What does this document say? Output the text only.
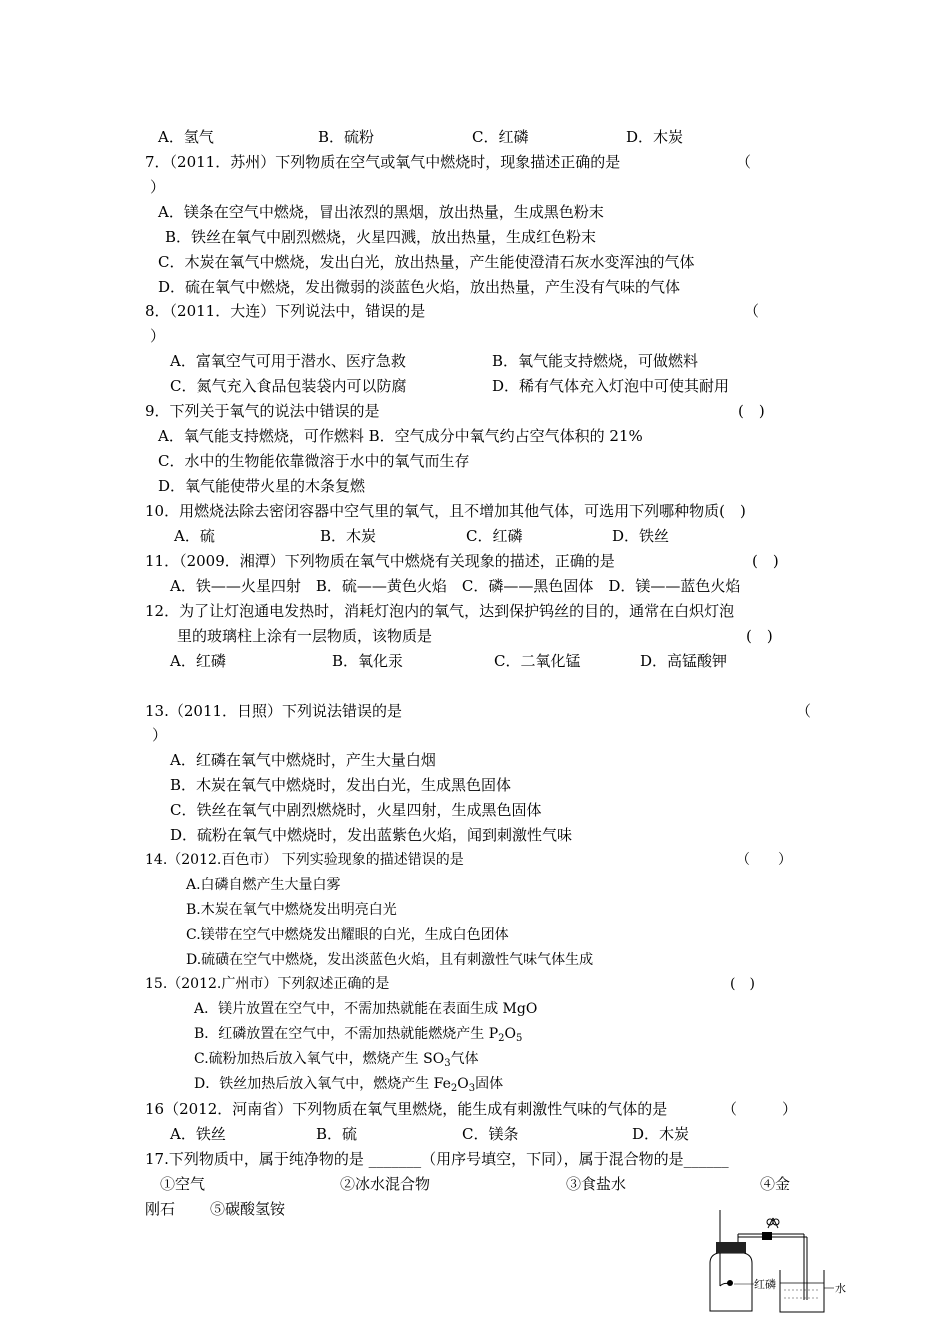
A．氢气	B．硫粉	C．红磷	D．木炭
7．（2011．苏州）下列物质在空气或氧气中燃烧时，现象描述正确的是	（
）
A．镁条在空气中燃烧，冒出浓烈的黑烟，放出热量，生成黑色粉末
B．铁丝在氧气中剧烈燃烧，火星四溅，放出热量，生成红色粉末
C．木炭在氧气中燃烧，发出白光，放出热量，产生能使澄清石灰水变浑浊的气体
D．硫在氧气中燃烧，发出微弱的淡蓝色火焰，放出热量，产生没有气味的气体
8．（2011．大连）下列说法中，错误的是	（
）
A．富氧空气可用于潜水、医疗急救	B．氧气能支持燃烧，可做燃料
C．氮气充入食品包装袋内可以防腐	D．稀有气体充入灯泡中可使其耐用
9．下列关于氧气的说法中错误的是	(　)
A．氧气能支持燃烧，可作燃料 B．空气成分中氧气约占空气体积的 21%
C．水中的生物能依靠微溶于水中的氧气而生存
D．氧气能使带火星的木条复燃
10．用燃烧法除去密闭容器中空气里的氧气，且不增加其他气体，可选用下列哪种物质(　)
A．硫	B．木炭	C．红磷	D．铁丝
11．（2009．湘潭）下列物质在氧气中燃烧有关现象的描述，正确的是	(　)
A．铁——火星四射　B．硫——黄色火焰　C．磷——黑色固体　D．镁——蓝色火焰
12．为了让灯泡通电发热时，消耗灯泡内的氧气，达到保护钨丝的目的，通常在白炽灯泡
里的玻璃柱上涂有一层物质，该物质是	(　)
A．红磷	B．氧化汞	C．二氧化锰	D．高锰酸钾
13.（2011．日照）下列说法错误的是	（
）
A．红磷在氧气中燃烧时，产生大量白烟
B．木炭在氧气中燃烧时，发出白光，生成黑色固体
C．铁丝在氧气中剧烈燃烧时，火星四射，生成黑色固体
D．硫粉在氧气中燃烧时，发出蓝紫色火焰，闻到刺激性气味
14.（2012.百色市） 下列实验现象的描述错误的是	（　　）
A.白磷自燃产生大量白雾
B.木炭在氧气中燃烧发出明亮白光
C.镁带在空气中燃烧发出耀眼的白光，生成白色团体
D.硫磺在空气中燃烧，发出淡蓝色火焰，且有刺激性气味气体生成
15.（2012.广州市）下列叙述正确的是	(　)
A．镁片放置在空气中，不需加热就能在表面生成 MgO
B．红磷放置在空气中，不需加热就能燃烧产生 $P_2O_5$
C.硫粉加热后放入氧气中，燃烧产生 $SO_3$气体
D．铁丝加热后放入氧气中，燃烧产生 $Fe_2O_3$固体
16（2012．河南省）下列物质在氧气里燃烧，能生成有刺激性气味的气体的是	（　　　）
A．铁丝	B．硫	C．镁条	D．木炭
17.下列物质中，属于纯净物的是 _______（用序号填空，下同），属于混合物的是______
①空气	②冰水混合物	③食盐水	④金
刚石 ⑤碳酸氢铵
红磷	水
